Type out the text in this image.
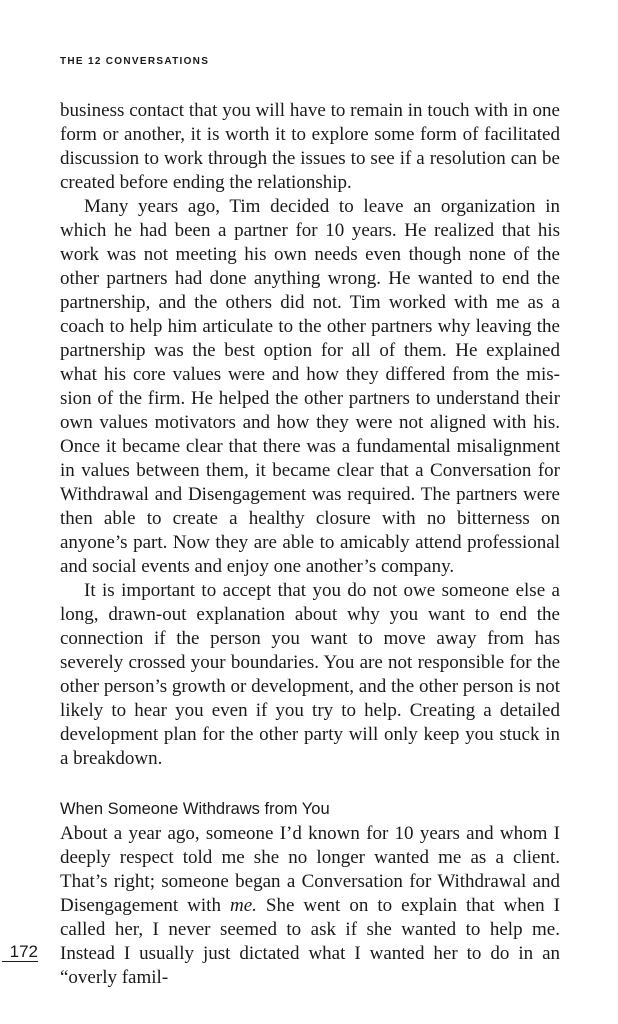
THE 12 CONVERSATIONS

business contact that you will have to remain in touch with in one form or another, it is worth it to explore some form of facilitated discussion to work through the issues to see if a resolution can be created before ending the relationship.

Many years ago, Tim decided to leave an organization in which he had been a partner for 10 years. He realized that his work was not meeting his own needs even though none of the other partners had done anything wrong. He wanted to end the partnership, and the others did not. Tim worked with me as a coach to help him articulate to the other partners why leaving the partnership was the best option for all of them. He explained what his core values were and how they differed from the mission of the firm. He helped the other partners to understand their own values motivators and how they were not aligned with his. Once it became clear that there was a fundamental misalignment in values between them, it became clear that a Conversation for Withdrawal and Disengagement was required. The partners were then able to create a healthy closure with no bitterness on anyone’s part. Now they are able to amicably attend professional and social events and enjoy one another’s company.

It is important to accept that you do not owe someone else a long, drawn-out explanation about why you want to end the connection if the person you want to move away from has severely crossed your boundaries. You are not responsible for the other person’s growth or development, and the other person is not likely to hear you even if you try to help. Creating a detailed development plan for the other party will only keep you stuck in a breakdown.

When Someone Withdraws from You

About a year ago, someone I’d known for 10 years and whom I deeply respect told me she no longer wanted me as a client. That’s right; someone began a Conversation for Withdrawal and Disengagement with me. She went on to explain that when I called her, I never seemed to ask if she wanted to help me. Instead I usually just dictated what I wanted her to do in an “overly famil-

172
